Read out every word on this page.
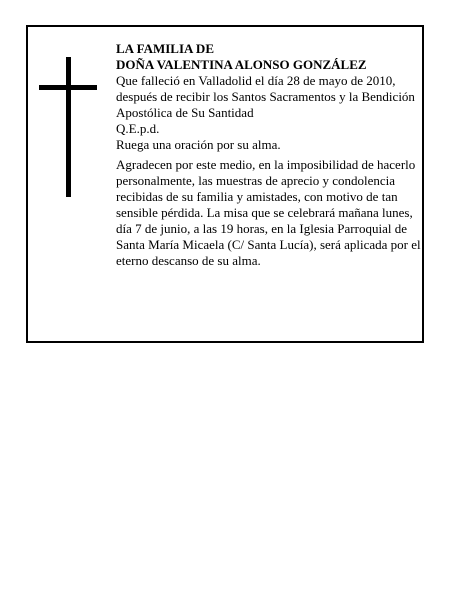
LA FAMILIA DE

DOÑA VALENTINA ALONSO GONZÁLEZ

Que falleció en Valladolid el día 28 de mayo de 2010, después de recibir los Santos Sacramentos y la Bendición Apostólica de Su Santidad

Q.E.p.d.

Ruega una oración por su alma.

Agradecen por este medio, en la imposibilidad de hacerlo personalmente, las muestras de aprecio y condolencia recibidas de su familia y amistades, con motivo de tan sensible pérdida. La misa que se celebrará mañana lunes, día 7 de junio, a las 19 horas, en la Iglesia Parroquial de Santa María Micaela (C/ Santa Lucía), será aplicada por el eterno descanso de su alma.
